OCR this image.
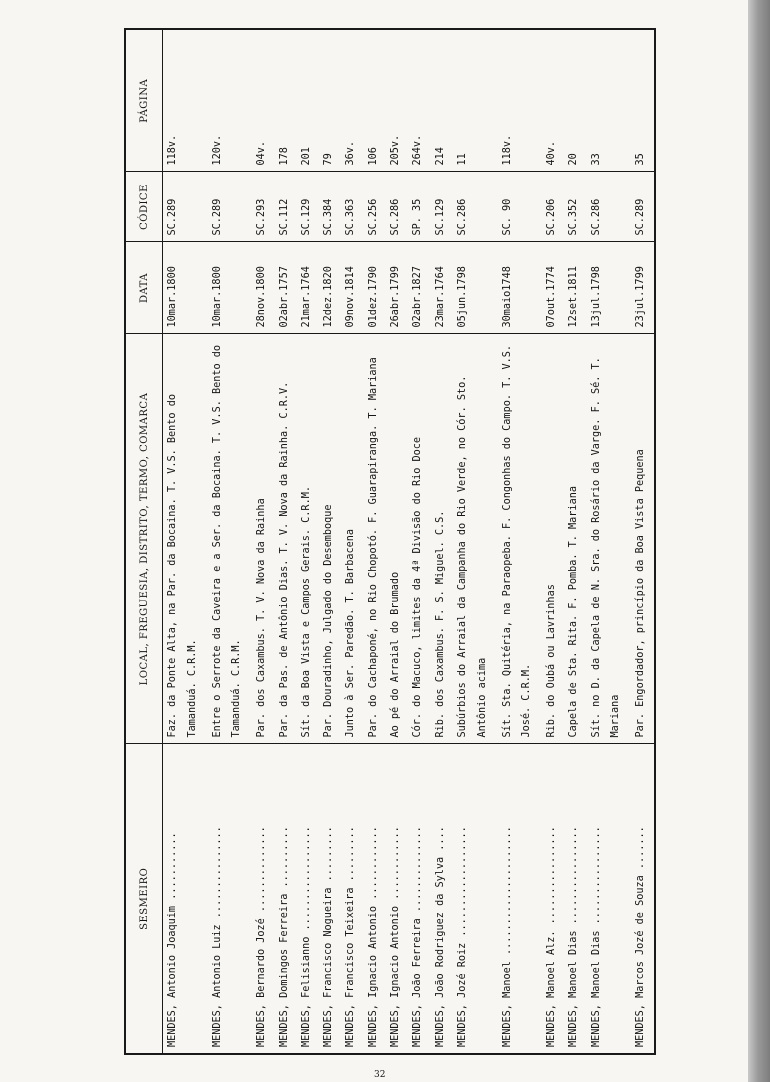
SESMEIRO	LOCAL, FREGUESIA, DISTRITO, TERMO, COMARCA	DATA	CÓDICE	PÁGINA
MENDES, Antonio Joaquim ...........	Faz. da Ponte Alta, na Par. da Bocaina. T. V.S. Bento do Tamanduá. C.R.M.	10mar.1800	SC.289	118v.
MENDES, Antonio Luiz ...............	Entre o Serrote da Caveira e a Ser. da Bocaina. T. V.S. Bento do Tamanduá. C.R.M.	10mar.1800	SC.289	120v.
MENDES, Bernardo Jozé ..............	Par. dos Caxambus. T. V. Nova da Rainha	28nov.1800	SC.293	04v.
MENDES, Domingos Ferreira ..........	Par. da Pas. de Antônio Dias. T. V. Nova da Rainha. C.R.V.	02abr.1757	SC.112	178
MENDES, Felisianno .................	Sít. da Boa Vista e Campos Gerais. C.R.M.	21mar.1764	SC.129	201
MENDES, Francisco Nogueira .........	Par. Douradinho, Julgado do Desemboque	12dez.1820	SC.384	79
MENDES, Francisco Teixeira .........	Junto à Ser. Paredão. T. Barbacena	09nov.1814	SC.363	36v.
MENDES, Ignacio Antonio ............	Par. do Cachaponé, no Rio Chopotó. F. Guarapiranga. T. Mariana	01dez.1790	SC.256	106
MENDES, Ignacio Antonio ............	Ao pé do Arraial do Brumado	26abr.1799	SC.286	205v.
MENDES, João Ferreira ..............	Cór. do Macuco, limites da 4ª Divisão do Rio Doce	02abr.1827	SP. 35	264v.
MENDES, João Rodriguez da Sylva ....	Rib. dos Caxambus. F. S. Miguel. C.S.	23mar.1764	SC.129	214
MENDES, Jozé Roiz ..................	Subúrbios do Arraial da Campanha do Rio Verde, no Cór. Sto. Antônio acima	05jun.1798	SC.286	11
MENDES, Manoel .....................	Sít. Sta. Quitéria, na Paraopeba. F. Congonhas do Campo. T. V.S. José. C.R.M.	30maio1748	SC. 90	118v.
MENDES, Manoel Alz. ................	Rib. do Oubá ou Lavrinhas	07out.1774	SC.206	40v.
MENDES, Manoel Dias ................	Capela de Sta. Rita. F. Pomba. T. Mariana	12set.1811	SC.352	20
MENDES, Manoel Dias ................	Sít. no D. da Capela de N. Sra. do Rosário da Varge. F. Sé. T. Mariana	13jul.1798	SC.286	33
MENDES, Marcos Jozé de Souza .......	Par. Engordador, princípio da Boa Vista Pequena	23jul.1799	SC.289	35

32
